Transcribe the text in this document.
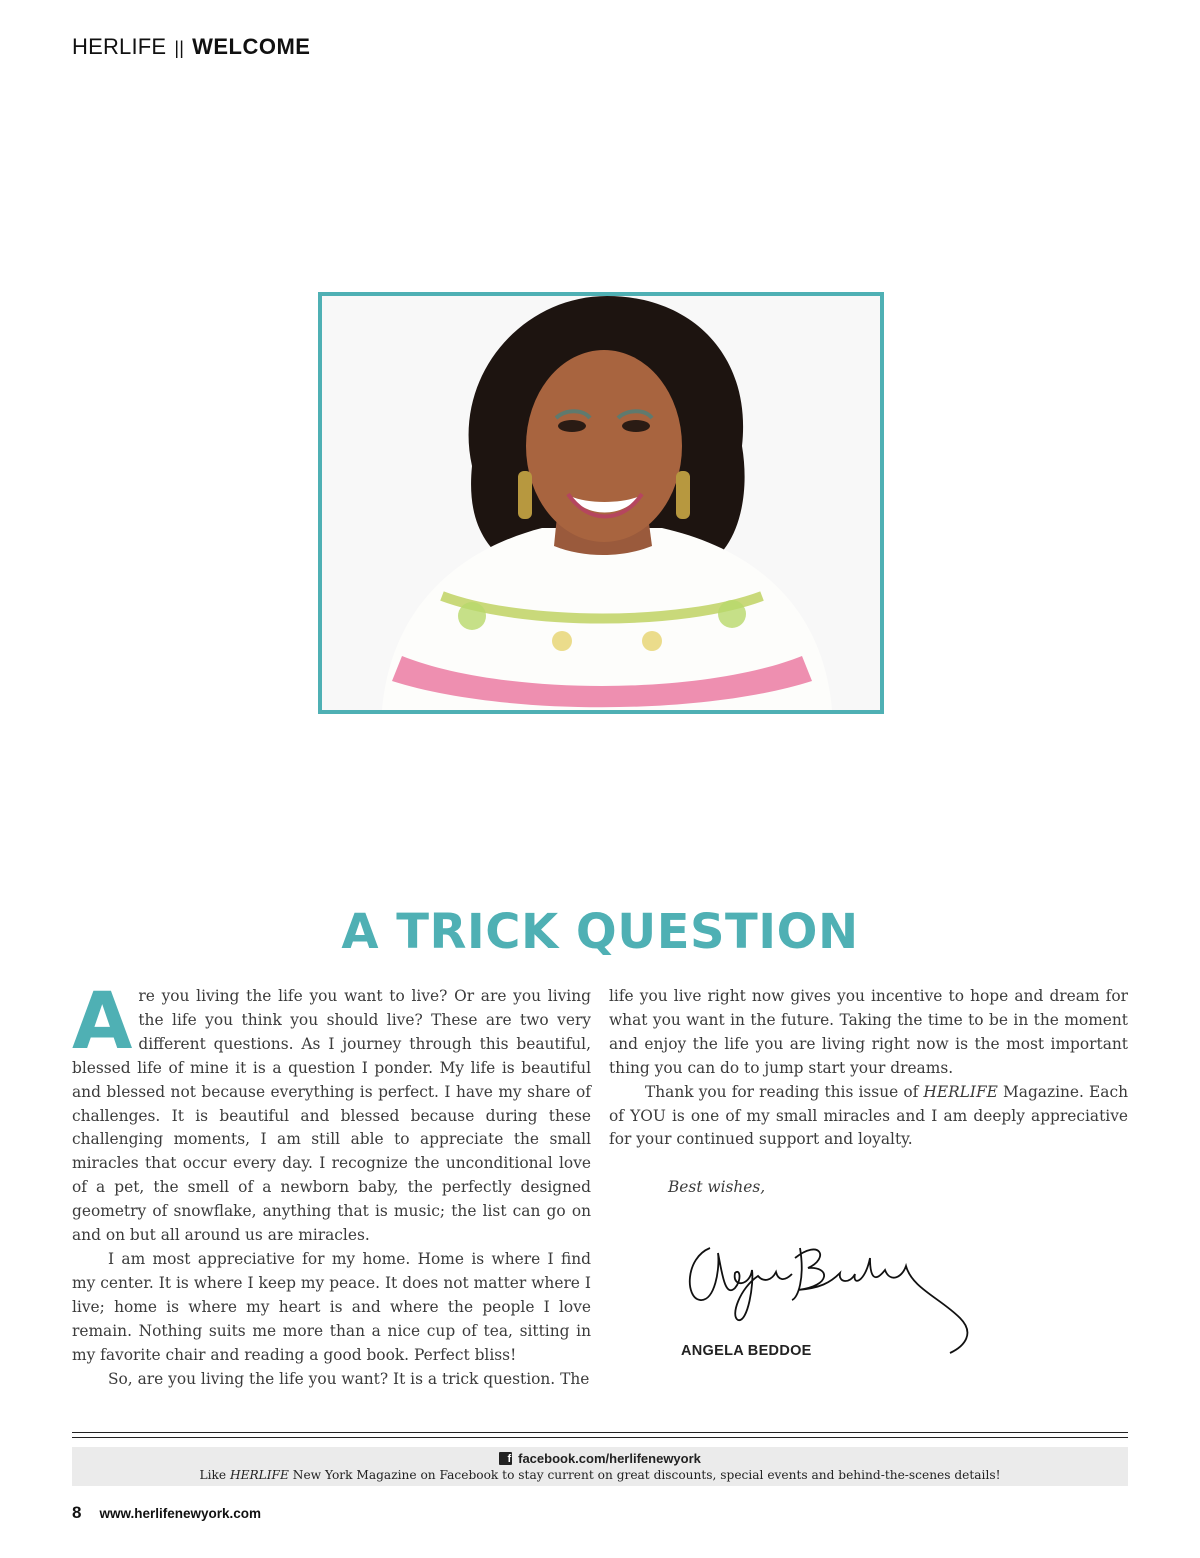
HERLIFE || WELCOME
A TRICK QUESTION

Are you living the life you want to live? Or are you living the life you think you should live? These are two very different questions. As I journey through this beautiful, blessed life of mine it is a question I ponder. My life is beautiful and blessed not because everything is perfect. I have my share of challenges. It is beautiful and blessed because during these challenging moments, I am still able to appreciate the small miracles that occur every day. I recognize the unconditional love of a pet, the smell of a newborn baby, the perfectly designed geometry of snowflake, anything that is music; the list can go on and on but all around us are miracles.

I am most appreciative for my home. Home is where I find my center. It is where I keep my peace. It does not matter where I live; home is where my heart is and where the people I love remain. Nothing suits me more than a nice cup of tea, sitting in my favorite chair and reading a good book. Perfect bliss!

So, are you living the life you want? It is a trick question. The

life you live right now gives you incentive to hope and dream for what you want in the future. Taking the time to be in the moment and enjoy the life you are living right now is the most important thing you can do to jump start your dreams.

Thank you for reading this issue of HERLIFE Magazine. Each of YOU is one of my small miracles and I am deeply appreciative for your continued support and loyalty.

Best wishes,
ANGELA BEDDOE
f facebook.com/herlifenewyork
Like HERLIFE New York Magazine on Facebook to stay current on great discounts, special events and behind-the-scenes details!
8 www.herlifenewyork.com
